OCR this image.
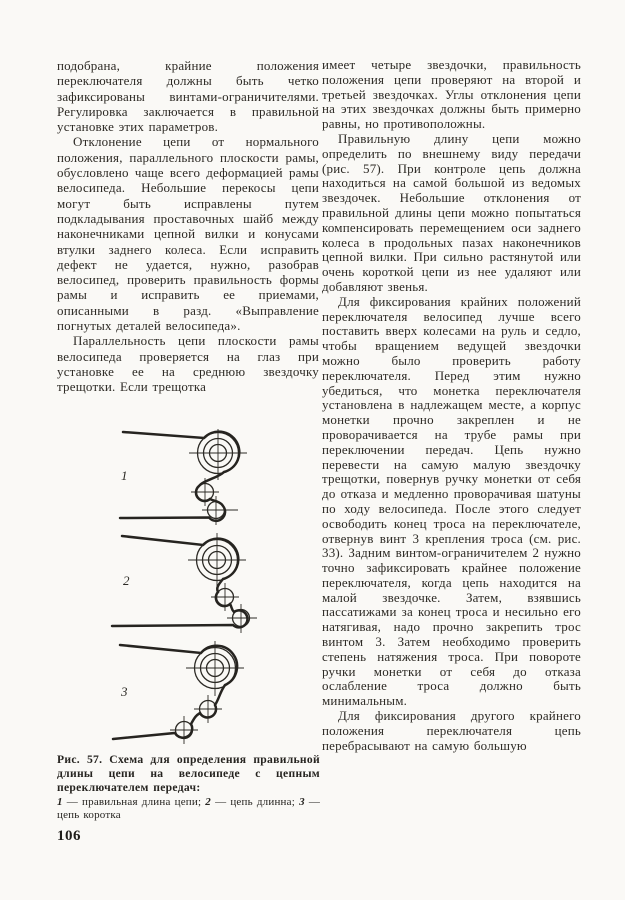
подобрана, крайние положения переключателя должны быть четко зафиксированы винтами-ограничителями. Регулировка заключается в правильной установке этих параметров.

Отклонение цепи от нормального положения, параллельного плоскости рамы, обусловлено чаще всего деформацией рамы велосипеда. Небольшие перекосы цепи могут быть исправлены путем подкладывания проставочных шайб между наконечниками цепной вилки и конусами втулки заднего колеса. Если исправить дефект не удается, нужно, разобрав велосипед, проверить правильность формы рамы и исправить ее приемами, описанными в разд. «Выправление погнутых деталей велосипеда».

Параллельность цепи плоскости рамы велосипеда проверяется на глаз при установке ее на среднюю звездочку трещотки. Если трещотка

1
2
3

Рис. 57. Схема для определения правильной длины цепи на велосипеде с цепным переключателем передач:

1 — правильная длина цепи; 2 — цепь длинна; 3 — цепь коротка

106

имеет четыре звездочки, правильность положения цепи проверяют на второй и третьей звездочках. Углы отклонения цепи на этих звездочках должны быть примерно равны, но противоположны.

Правильную длину цепи можно определить по внешнему виду передачи (рис. 57). При контроле цепь должна находиться на самой большой из ведомых звездочек. Небольшие отклонения от правильной длины цепи можно попытаться компенсировать перемещением оси заднего колеса в продольных пазах наконечников цепной вилки. При сильно растянутой или очень короткой цепи из нее удаляют или добавляют звенья.

Для фиксирования крайних положений переключателя велосипед лучше всего поставить вверх колесами на руль и седло, чтобы вращением ведущей звездочки можно было проверить работу переключателя. Перед этим нужно убедиться, что монетка переключателя установлена в надлежащем месте, а корпус монетки прочно закреплен и не проворачивается на трубе рамы при переключении передач. Цепь нужно перевести на самую малую звездочку трещотки, повернув ручку монетки от себя до отказа и медленно проворачивая шатуны по ходу велосипеда. После этого следует освободить конец троса на переключателе, отвернув винт 3 крепления троса (см. рис. 33). Задним винтом-ограничителем 2 нужно точно зафиксировать крайнее положение переключателя, когда цепь находится на малой звездочке. Затем, взявшись пассатижами за конец троса и несильно его натягивая, надо прочно закрепить трос винтом 3. Затем необходимо проверить степень натяжения троса. При повороте ручки монетки от себя до отказа ослабление троса должно быть минимальным.

Для фиксирования другого крайнего положения переключателя цепь перебрасывают на самую большую
